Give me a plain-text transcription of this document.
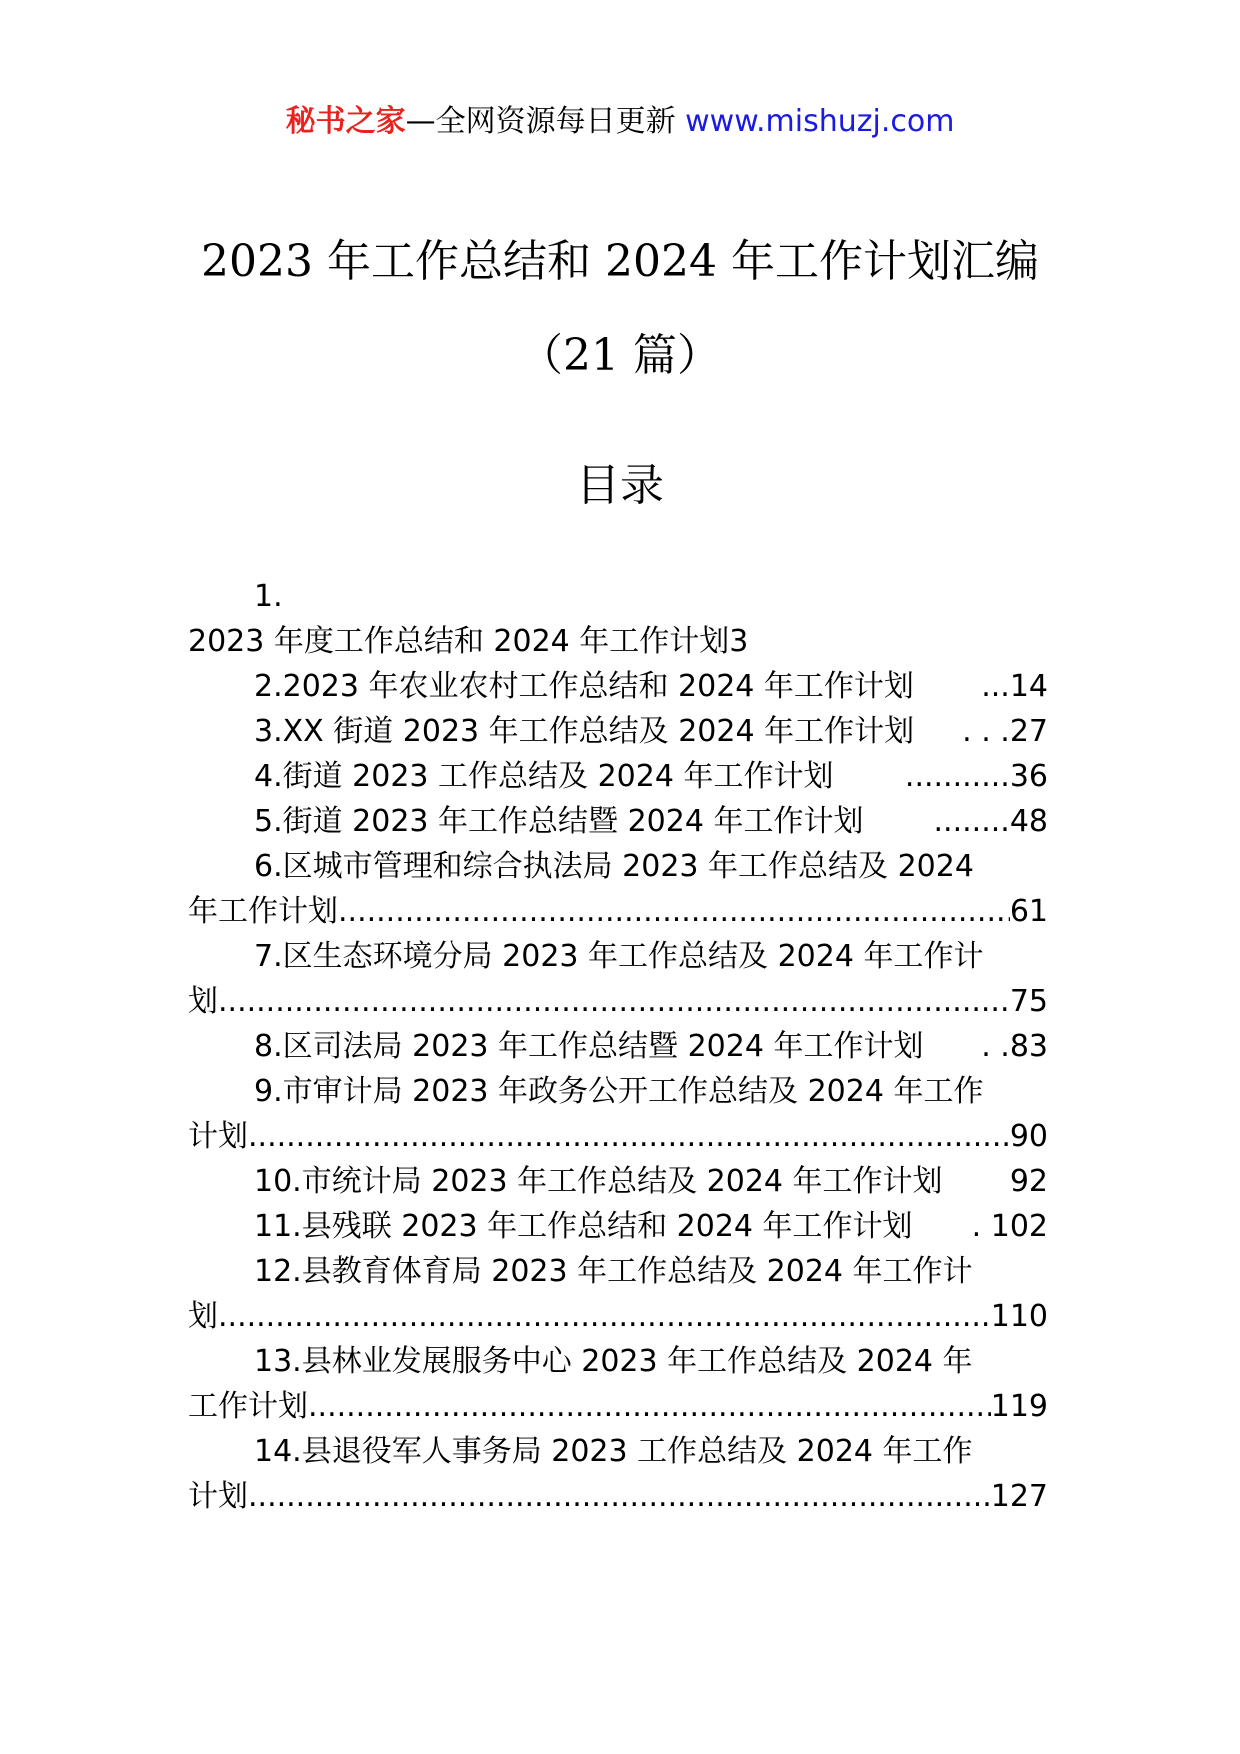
秘书之家—全网资源每日更新 www.mishuzj.com
2023 年工作总结和 2024 年工作计划汇编
（21 篇）
目录
1.
2023 年度工作总结和 2024 年工作计划3
2.2023 年农业农村工作总结和 2024 年工作计划 ...14
3.XX 街道 2023 年工作总结及 2024 年工作计划 . . .27
4.街道 2023 工作总结及 2024 年工作计划 ...........36
5.街道 2023 年工作总结暨 2024 年工作计划 ........48
6.区城市管理和综合执法局 2023 年工作总结及 2024
年工作计划 .....	61
7.区生态环境分局 2023 年工作总结及 2024 年工作计
划 .....	75
8.区司法局 2023 年工作总结暨 2024 年工作计划 . .83
9.市审计局 2023 年政务公开工作总结及 2024 年工作
计划 .....	90
10.市统计局 2023 年工作总结及 2024 年工作计划 92
11.县残联 2023 年工作总结和 2024 年工作计划 . 102
12.县教育体育局 2023 年工作总结及 2024 年工作计
划 .....	110
13.县林业发展服务中心 2023 年工作总结及 2024 年
工作计划 .....	119
14.县退役军人事务局 2023 工作总结及 2024 年工作
计划 .....	127
